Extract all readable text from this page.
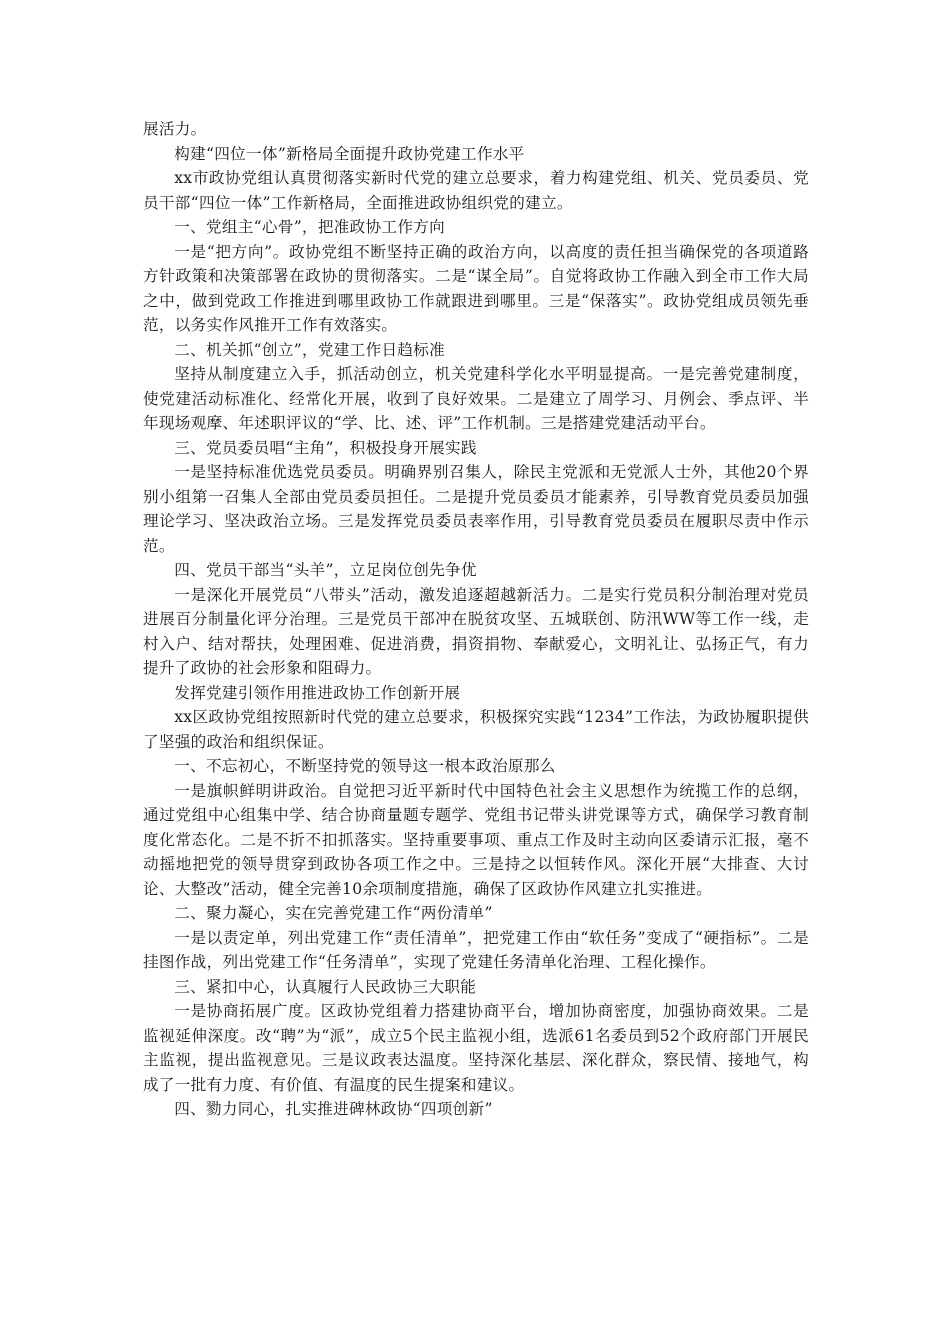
展活力。

构建“四位一体”新格局全面提升政协党建工作水平

xx市政协党组认真贯彻落实新时代党的建立总要求，着力构建党组、机关、党员委员、党员干部“四位一体”工作新格局，全面推进政协组织党的建立。

一、党组主“心骨”，把准政协工作方向

一是“把方向”。政协党组不断坚持正确的政治方向，以高度的责任担当确保党的各项道路方针政策和决策部署在政协的贯彻落实。二是“谋全局”。自觉将政协工作融入到全市工作大局之中，做到党政工作推进到哪里政协工作就跟进到哪里。三是“保落实”。政协党组成员领先垂范，以务实作风推开工作有效落实。

二、机关抓“创立”，党建工作日趋标准

坚持从制度建立入手，抓活动创立，机关党建科学化水平明显提高。一是完善党建制度，使党建活动标准化、经常化开展，收到了良好效果。二是建立了周学习、月例会、季点评、半年现场观摩、年述职评议的“学、比、述、评”工作机制。三是搭建党建活动平台。

三、党员委员唱“主角”，积极投身开展实践

一是坚持标准优选党员委员。明确界别召集人，除民主党派和无党派人士外，其他20个界别小组第一召集人全部由党员委员担任。二是提升党员委员才能素养，引导教育党员委员加强理论学习、坚决政治立场。三是发挥党员委员表率作用，引导教育党员委员在履职尽责中作示范。

四、党员干部当“头羊”，立足岗位创先争优

一是深化开展党员“八带头”活动，激发追逐超越新活力。二是实行党员积分制治理对党员进展百分制量化评分治理。三是党员干部冲在脱贫攻坚、五城联创、防汛WW等工作一线，走村入户、结对帮扶，处理困难、促进消费，捐资捐物、奉献爱心，文明礼让、弘扬正气，有力提升了政协的社会形象和阻碍力。

发挥党建引领作用推进政协工作创新开展

xx区政协党组按照新时代党的建立总要求，积极探究实践“1234”工作法，为政协履职提供了坚强的政治和组织保证。

一、不忘初心，不断坚持党的领导这一根本政治原那么

一是旗帜鲜明讲政治。自觉把习近平新时代中国特色社会主义思想作为统揽工作的总纲，通过党组中心组集中学、结合协商量题专题学、党组书记带头讲党课等方式，确保学习教育制度化常态化。二是不折不扣抓落实。坚持重要事项、重点工作及时主动向区委请示汇报，毫不动摇地把党的领导贯穿到政协各项工作之中。三是持之以恒转作风。深化开展“大排查、大讨论、大整改”活动，健全完善10余项制度措施，确保了区政协作风建立扎实推进。

二、聚力凝心，实在完善党建工作“两份清单”

一是以责定单，列出党建工作“责任清单”，把党建工作由“软任务”变成了“硬指标”。二是挂图作战，列出党建工作“任务清单”，实现了党建任务清单化治理、工程化操作。

三、紧扣中心，认真履行人民政协三大职能

一是协商拓展广度。区政协党组着力搭建协商平台，增加协商密度，加强协商效果。二是监视延伸深度。改“聘”为“派”，成立5个民主监视小组，选派61名委员到52个政府部门开展民主监视，提出监视意见。三是议政表达温度。坚持深化基层、深化群众，察民情、接地气，构成了一批有力度、有价值、有温度的民生提案和建议。

四、勠力同心，扎实推进碑林政协“四项创新”
